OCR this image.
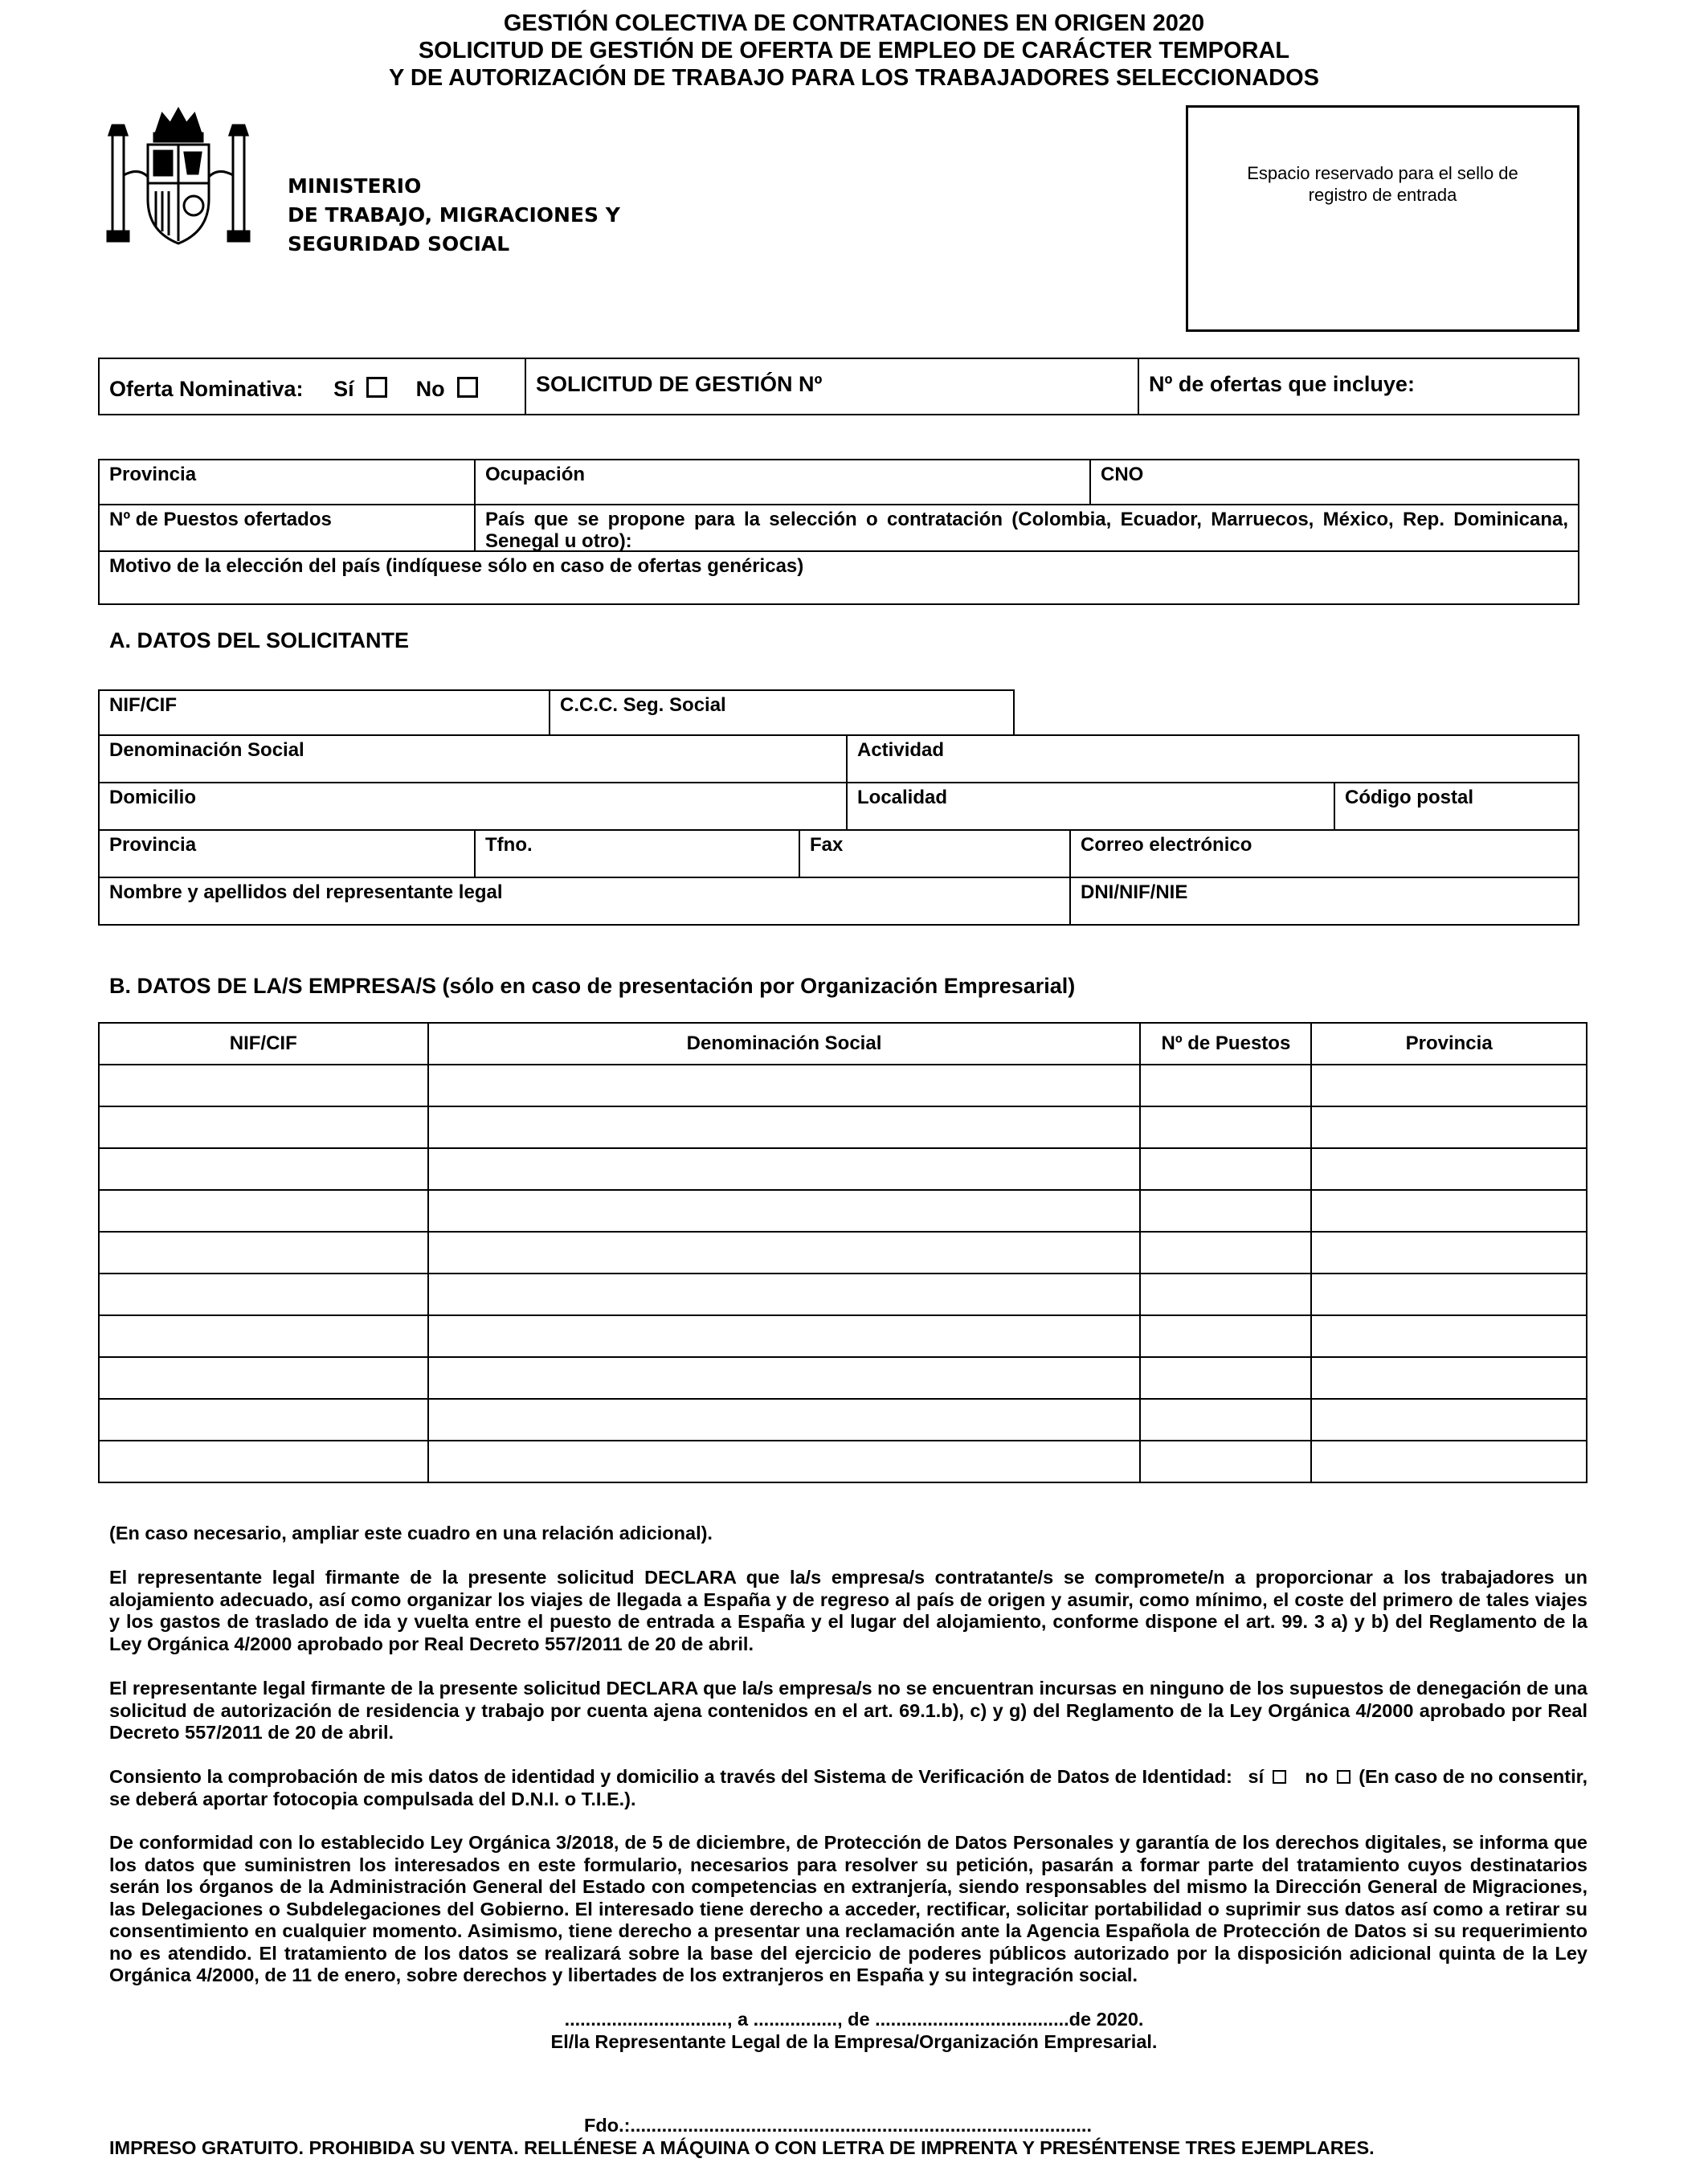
GESTIÓN COLECTIVA DE CONTRATACIONES EN ORIGEN 2020
SOLICITUD DE GESTIÓN DE OFERTA DE EMPLEO DE CARÁCTER TEMPORAL
Y DE AUTORIZACIÓN DE TRABAJO PARA LOS TRABAJADORES SELECCIONADOS
MINISTERIO
DE TRABAJO, MIGRACIONES Y
SEGURIDAD SOCIAL
Espacio reservado para el sello de
registro de entrada
Oferta Nominativa: Sí	No	SOLICITUD DE GESTIÓN Nº	Nº de ofertas que incluye:
Provincia	Ocupación	CNO
Nº de Puestos ofertados	País que se propone para la selección o contratación (Colombia, Ecuador, Marruecos, México, Rep. Dominicana, Senegal u otro):
Motivo de la elección del país (indíquese sólo en caso de ofertas genéricas)
A. DATOS DEL SOLICITANTE
NIF/CIF	C.C.C. Seg. Social
Denominación Social	Actividad
Domicilio	Localidad	Código postal
Provincia	Tfno.	Fax	Correo electrónico
Nombre y apellidos del representante legal	DNI/NIF/NIE
B. DATOS DE LA/S EMPRESA/S (sólo en caso de presentación por Organización Empresarial)
NIF/CIF	Denominación Social	Nº de Puestos	Provincia

(En caso necesario, ampliar este cuadro en una relación adicional).
El representante legal firmante de la presente solicitud DECLARA que la/s empresa/s contratante/s se compromete/n a proporcionar a los trabajadores un alojamiento adecuado, así como organizar los viajes de llegada a España y de regreso al país de origen y asumir, como mínimo, el coste del primero de tales viajes y los gastos de traslado de ida y vuelta entre el puesto de entrada a España y el lugar del alojamiento, conforme dispone el art. 99. 3 a) y b) del Reglamento de la Ley Orgánica 4/2000 aprobado por Real Decreto 557/2011 de 20 de abril.
El representante legal firmante de la presente solicitud DECLARA que la/s empresa/s no se encuentran incursas en ninguno de los supuestos de denegación de una solicitud de autorización de residencia y trabajo por cuenta ajena contenidos en el art. 69.1.b), c) y g) del Reglamento de la Ley Orgánica 4/2000 aprobado por Real Decreto 557/2011 de 20 de abril.
Consiento la comprobación de mis datos de identidad y domicilio a través del Sistema de Verificación de Datos de Identidad: sí no (En caso de no consentir, se deberá aportar fotocopia compulsada del D.N.I. o T.I.E.).
De conformidad con lo establecido Ley Orgánica 3/2018, de 5 de diciembre, de Protección de Datos Personales y garantía de los derechos digitales, se informa que los datos que suministren los interesados en este formulario, necesarios para resolver su petición, pasarán a formar parte del tratamiento cuyos destinatarios serán los órganos de la Administración General del Estado con competencias en extranjería, siendo responsables del mismo la Dirección General de Migraciones, las Delegaciones o Subdelegaciones del Gobierno. El interesado tiene derecho a acceder, rectificar, solicitar portabilidad o suprimir sus datos así como a retirar su consentimiento en cualquier momento. Asimismo, tiene derecho a presentar una reclamación ante la Agencia Española de Protección de Datos si su requerimiento no es atendido. El tratamiento de los datos se realizará sobre la base del ejercicio de poderes públicos autorizado por la disposición adicional quinta de la Ley Orgánica 4/2000, de 11 de enero, sobre derechos y libertades de los extranjeros en España y su integración social.
..............................., a ................, de .....................................de 2020.
El/la Representante Legal de la Empresa/Organización Empresarial.
Fdo.:........................................................................................
IMPRESO GRATUITO. PROHIBIDA SU VENTA. RELLÉNESE A MÁQUINA O CON LETRA DE IMPRENTA Y PRESÉNTENSE TRES EJEMPLARES.
